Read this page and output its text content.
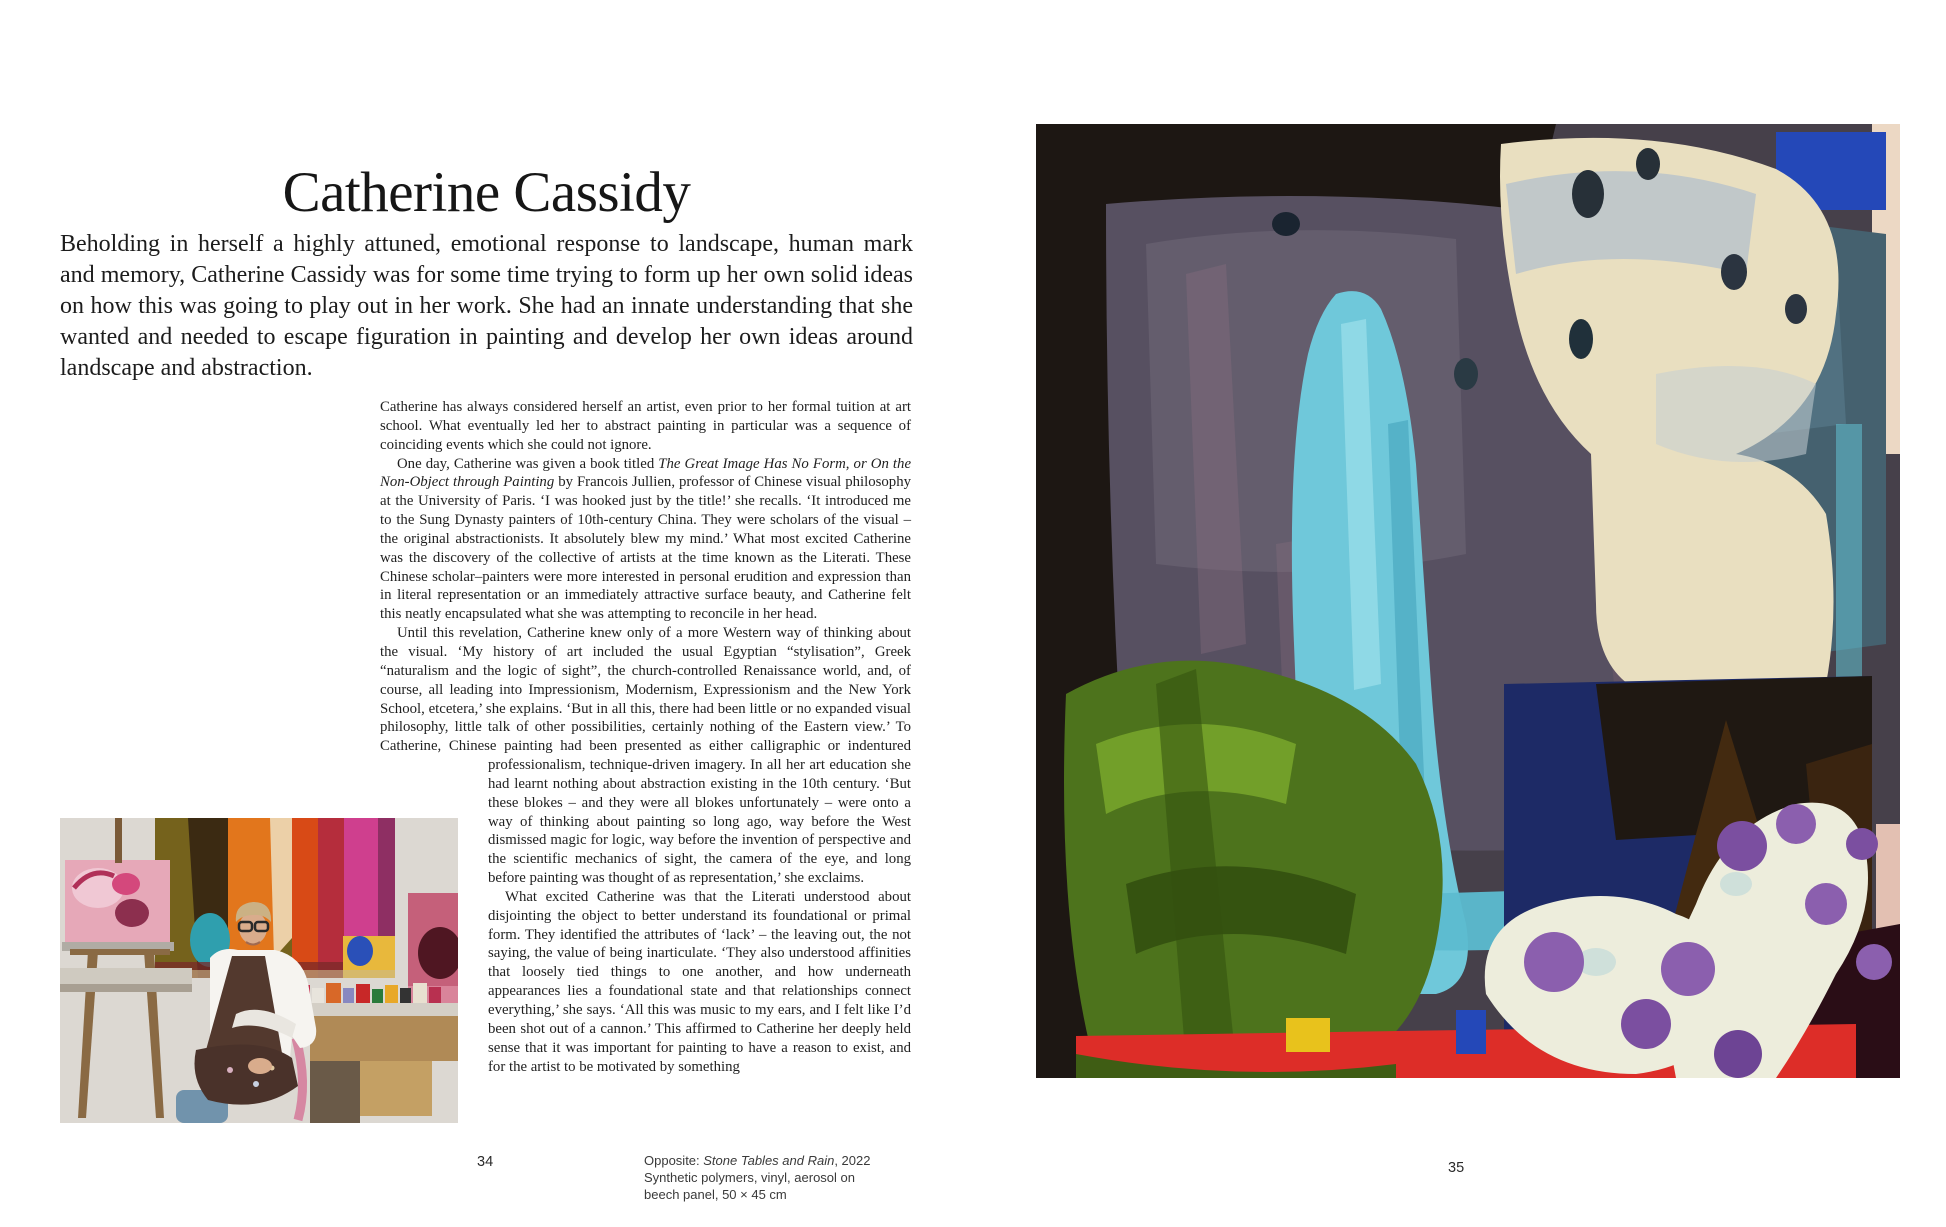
Catherine Cassidy
Beholding in herself a highly attuned, emotional response to landscape, human mark and memory, Catherine Cassidy was for some time trying to form up her own solid ideas on how this was going to play out in her work. She had an innate understanding that she wanted and needed to escape figuration in painting and develop her own ideas around landscape and abstraction.

Catherine has always considered herself an artist, even prior to her formal tuition at art school. What eventually led her to abstract painting in particular was a sequence of coinciding events which she could not ignore.

One day, Catherine was given a book titled The Great Image Has No Form, or On the Non-Object through Painting by Francois Jullien, professor of Chinese visual philosophy at the University of Paris. ‘I was hooked just by the title!’ she recalls. ‘It introduced me to the Sung Dynasty painters of 10th-century China. They were scholars of the visual – the original abstractionists. It absolutely blew my mind.’ What most excited Catherine was the discovery of the collective of artists at the time known as the Literati. These Chinese scholar–painters were more interested in personal erudition and expression than in literal representation or an immediately attractive surface beauty, and Catherine felt this neatly encapsulated what she was attempting to reconcile in her head.

Until this revelation, Catherine knew only of a more Western way of thinking about the visual. ‘My history of art included the usual Egyptian “stylisation”, Greek “naturalism and the logic of sight”, the church-controlled Renaissance world, and, of course, all leading into Impressionism, Modernism, Expressionism and the New York School, etcetera,’ she explains. ‘But in all this, there had been little or no expanded visual philosophy, little talk of other possibilities, certainly nothing of the Eastern view.’ To Catherine, Chinese painting had been presented as either calligraphic or indentured professionalism, technique-driven imagery. In all her art education she
had learnt nothing about abstraction existing in the 10th century. ‘But these blokes – and they were all blokes unfortunately – were onto a way of thinking about painting so long ago, way before the West dismissed magic for logic, way before the invention of perspective and the scientific mechanics of sight, the camera of the eye, and long before painting was thought of as representation,’ she exclaims.

What excited Catherine was that the Literati understood about disjointing the object to better understand its foundational or primal form. They identified the attributes of ‘lack’ – the leaving out, the not saying, the value of being inarticulate. ‘They also understood affinities that loosely tied things to one another, and how underneath appearances lies a foundational state and that relationships connect everything,’ she says. ‘All this was music to my ears, and I felt like I’d been shot out of a cannon.’ This affirmed to Catherine her deeply held sense that it was important for painting to have a reason to exist, and for the artist to be motivated by something

Opposite: Stone Tables and Rain, 2022
Synthetic polymers, vinyl, aerosol on
beech panel, 50 × 45 cm
34	35
